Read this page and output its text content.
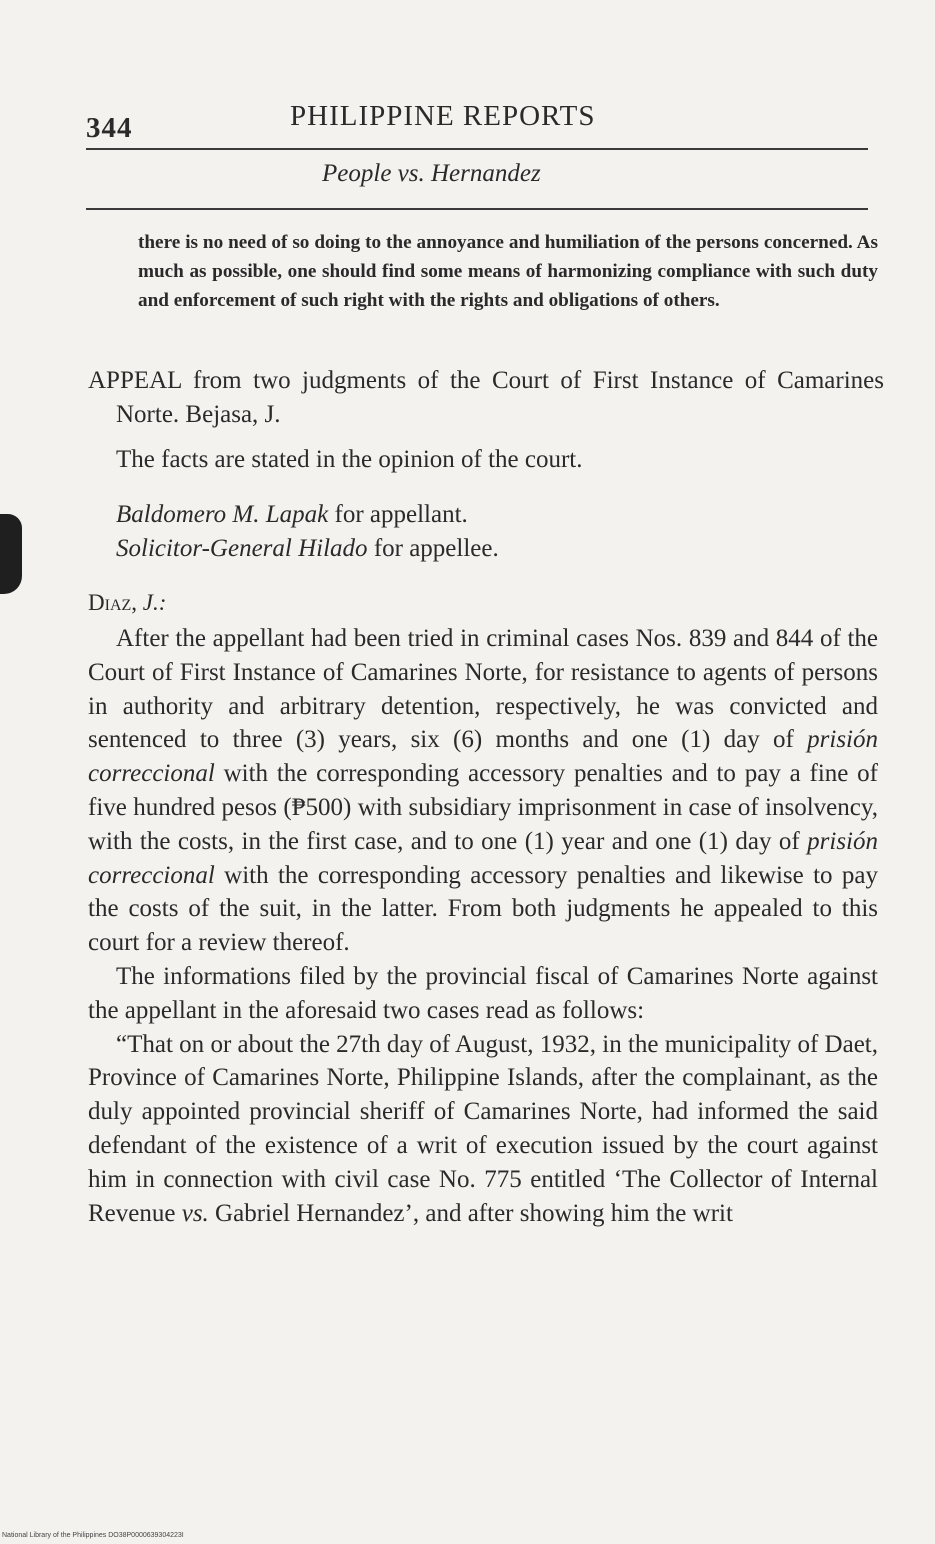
344	PHILIPPINE REPORTS
People vs. Hernandez
there is no need of so doing to the annoyance and humiliation of the persons concerned. As much as possible, one should find some means of harmonizing compliance with such duty and enforcement of such right with the rights and obligations of others.
APPEAL from two judgments of the Court of First Instance of Camarines Norte. Bejasa, J.
The facts are stated in the opinion of the court.
Baldomero M. Lapak for appellant.
Solicitor-General Hilado for appellee.
Diaz, J.:

After the appellant had been tried in criminal cases Nos. 839 and 844 of the Court of First Instance of Camarines Norte, for resistance to agents of persons in authority and arbitrary detention, respectively, he was convicted and sentenced to three (3) years, six (6) months and one (1) day of prisión correccional with the corresponding accessory penalties and to pay a fine of five hundred pesos (₱500) with subsidiary imprisonment in case of insolvency, with the costs, in the first case, and to one (1) year and one (1) day of prisión correccional with the corresponding accessory penalties and likewise to pay the costs of the suit, in the latter. From both judgments he appealed to this court for a review thereof.

The informations filed by the provincial fiscal of Camarines Norte against the appellant in the aforesaid two cases read as follows:

“That on or about the 27th day of August, 1932, in the municipality of Daet, Province of Camarines Norte, Philippine Islands, after the complainant, as the duly appointed provincial sheriff of Camarines Norte, had informed the said defendant of the existence of a writ of execution issued by the court against him in connection with civil case No. 775 entitled ‘The Collector of Internal Revenue vs. Gabriel Hernandez’, and after showing him the writ

National Library of the Philippines DO38P0000639304223I
